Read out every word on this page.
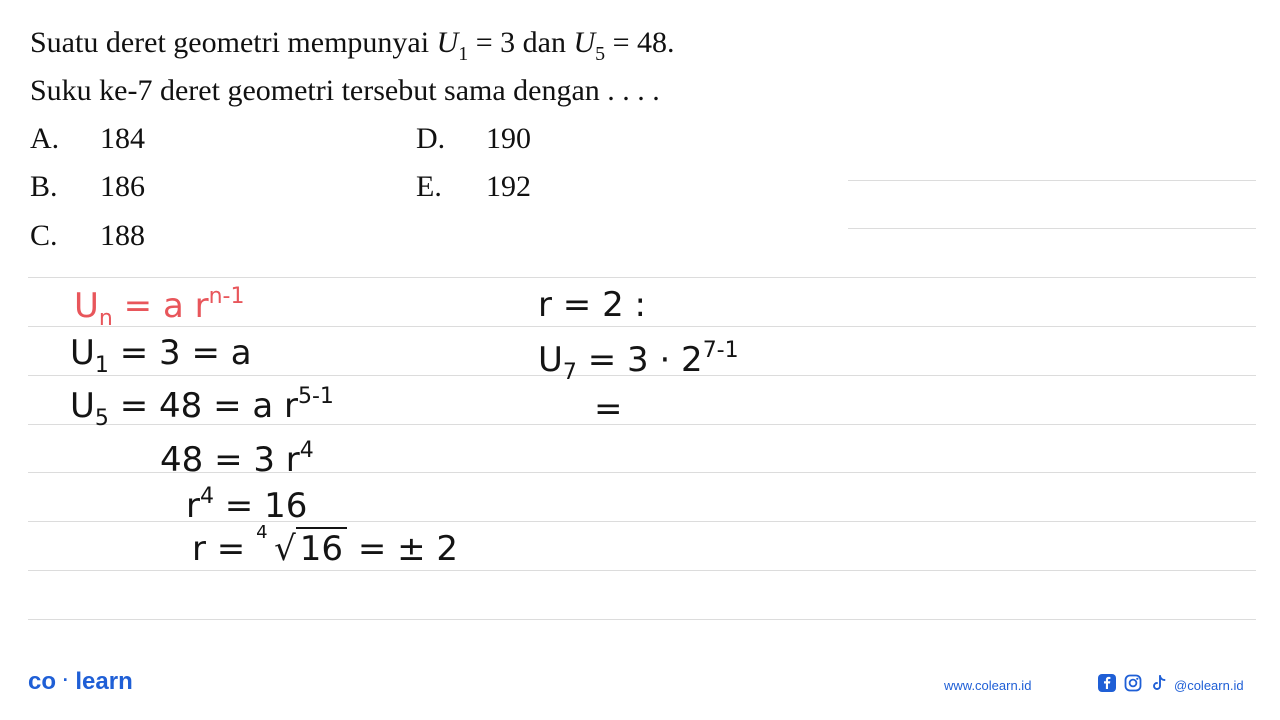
Suatu deret geometri mempunyai $U_1 = 3$ dan $U_5 = 48$.
Suku ke-7 deret geometri tersebut sama dengan . . . .
A. 184
B. 186
C. 188
D. 190
E. 192
$U_n = a$ $r^{n-1}$
$U_1 = 3 = a$
$U_5 = 48 = a$ $r^{5-1}$
48 = 3 $r^4$
$r^4 = 16$
r = 4 √ 16 = ± 2
r = 2 :
$U_7 = 3 \cdot 2^{7-1}$
=
co · learn	www.colearn.id	@colearn.id
